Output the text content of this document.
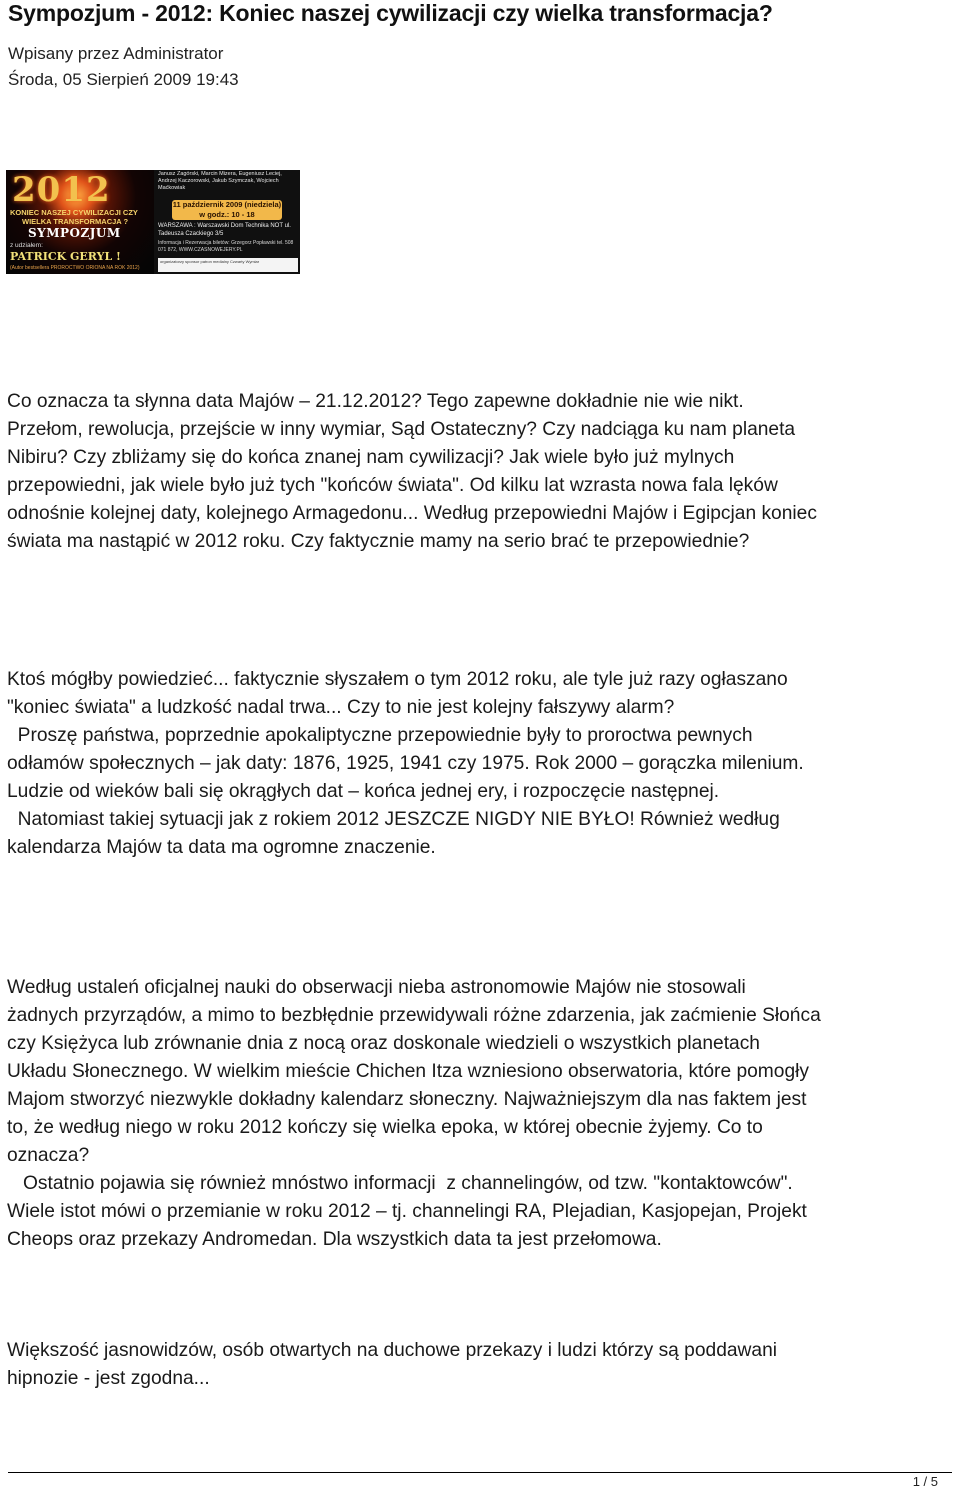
Sympozjum - 2012: Koniec naszej cywilizacji czy wielka transformacja?
Wpisany przez Administrator
Środa, 05 Sierpień 2009 19:43
2012
KONIEC NASZEJ CYWILIZACJI CZY
WIELKA TRANSFORMACJA ?
SYMPOZJUM
z udziałem:
PATRICK GERYL !
(Autor bestsellera PROROCTWO ORIONA NA ROK 2012)
Janusz Zagórski, Marcin Mizera, Eugeniusz Leciej, Andrzej Kaczorowski, Jakub Szymczak, Wojciech Maćkowiak
11 październik 2009 (niedziela)
w godz.: 10 - 18
WARSZAWA : Warszawski Dom Technika NOT ul. Tadeusza Czackiego 3/5
Informacja i Rezerwacja biletów: Grzegorz Popławski tel. 508 071 872, WWW.CZASNOWEJERY.PL
organizatorzy sponsor patron medialny Czwarty Wymiar
Co oznacza ta słynna data Majów – 21.12.2012? Tego zapewne dokładnie nie wie nikt.
Przełom, rewolucja, przejście w inny wymiar, Sąd Ostateczny? Czy nadciąga ku nam planeta
Nibiru? Czy zbliżamy się do końca znanej nam cywilizacji? Jak wiele było już mylnych
przepowiedni, jak wiele było już tych "końców świata". Od kilku lat wzrasta nowa fala lęków
odnośnie kolejnej daty, kolejnego Armagedonu... Według przepowiedni Majów i Egipcjan koniec
świata ma nastąpić w 2012 roku. Czy faktycznie mamy na serio brać te przepowiednie?
Ktoś mógłby powiedzieć... faktycznie słyszałem o tym 2012 roku, ale tyle już razy ogłaszano
"koniec świata" a ludzkość nadal trwa... Czy to nie jest kolejny fałszywy alarm?
Proszę państwa, poprzednie apokaliptyczne przepowiednie były to proroctwa pewnych
odłamów społecznych – jak daty: 1876, 1925, 1941 czy 1975. Rok 2000 – gorączka milenium.
Ludzie od wieków bali się okrągłych dat – końca jednej ery, i rozpoczęcie następnej.
Natomiast takiej sytuacji jak z rokiem 2012 JESZCZE NIGDY NIE BYŁO! Również według
kalendarza Majów ta data ma ogromne znaczenie.
Według ustaleń oficjalnej nauki do obserwacji nieba astronomowie Majów nie stosowali
żadnych przyrządów, a mimo to bezbłędnie przewidywali różne zdarzenia, jak zaćmienie Słońca
czy Księżyca lub zrównanie dnia z nocą oraz doskonale wiedzieli o wszystkich planetach
Układu Słonecznego. W wielkim mieście Chichen Itza wzniesiono obserwatoria, które pomogły
Majom stworzyć niezwykle dokładny kalendarz słoneczny. Najważniejszym dla nas faktem jest
to, że według niego w roku 2012 kończy się wielka epoka, w której obecnie żyjemy. Co to
oznacza?
Ostatnio pojawia się również mnóstwo informacji  z channelingów, od tzw. "kontaktowców".
Wiele istot mówi o przemianie w roku 2012 – tj. channelingi RA, Plejadian, Kasjopejan, Projekt
Cheops oraz przekazy Andromedan. Dla wszystkich data ta jest przełomowa.
Większość jasnowidzów, osób otwartych na duchowe przekazy i ludzi którzy są poddawani
hipnozie - jest zgodna...
1 / 5
